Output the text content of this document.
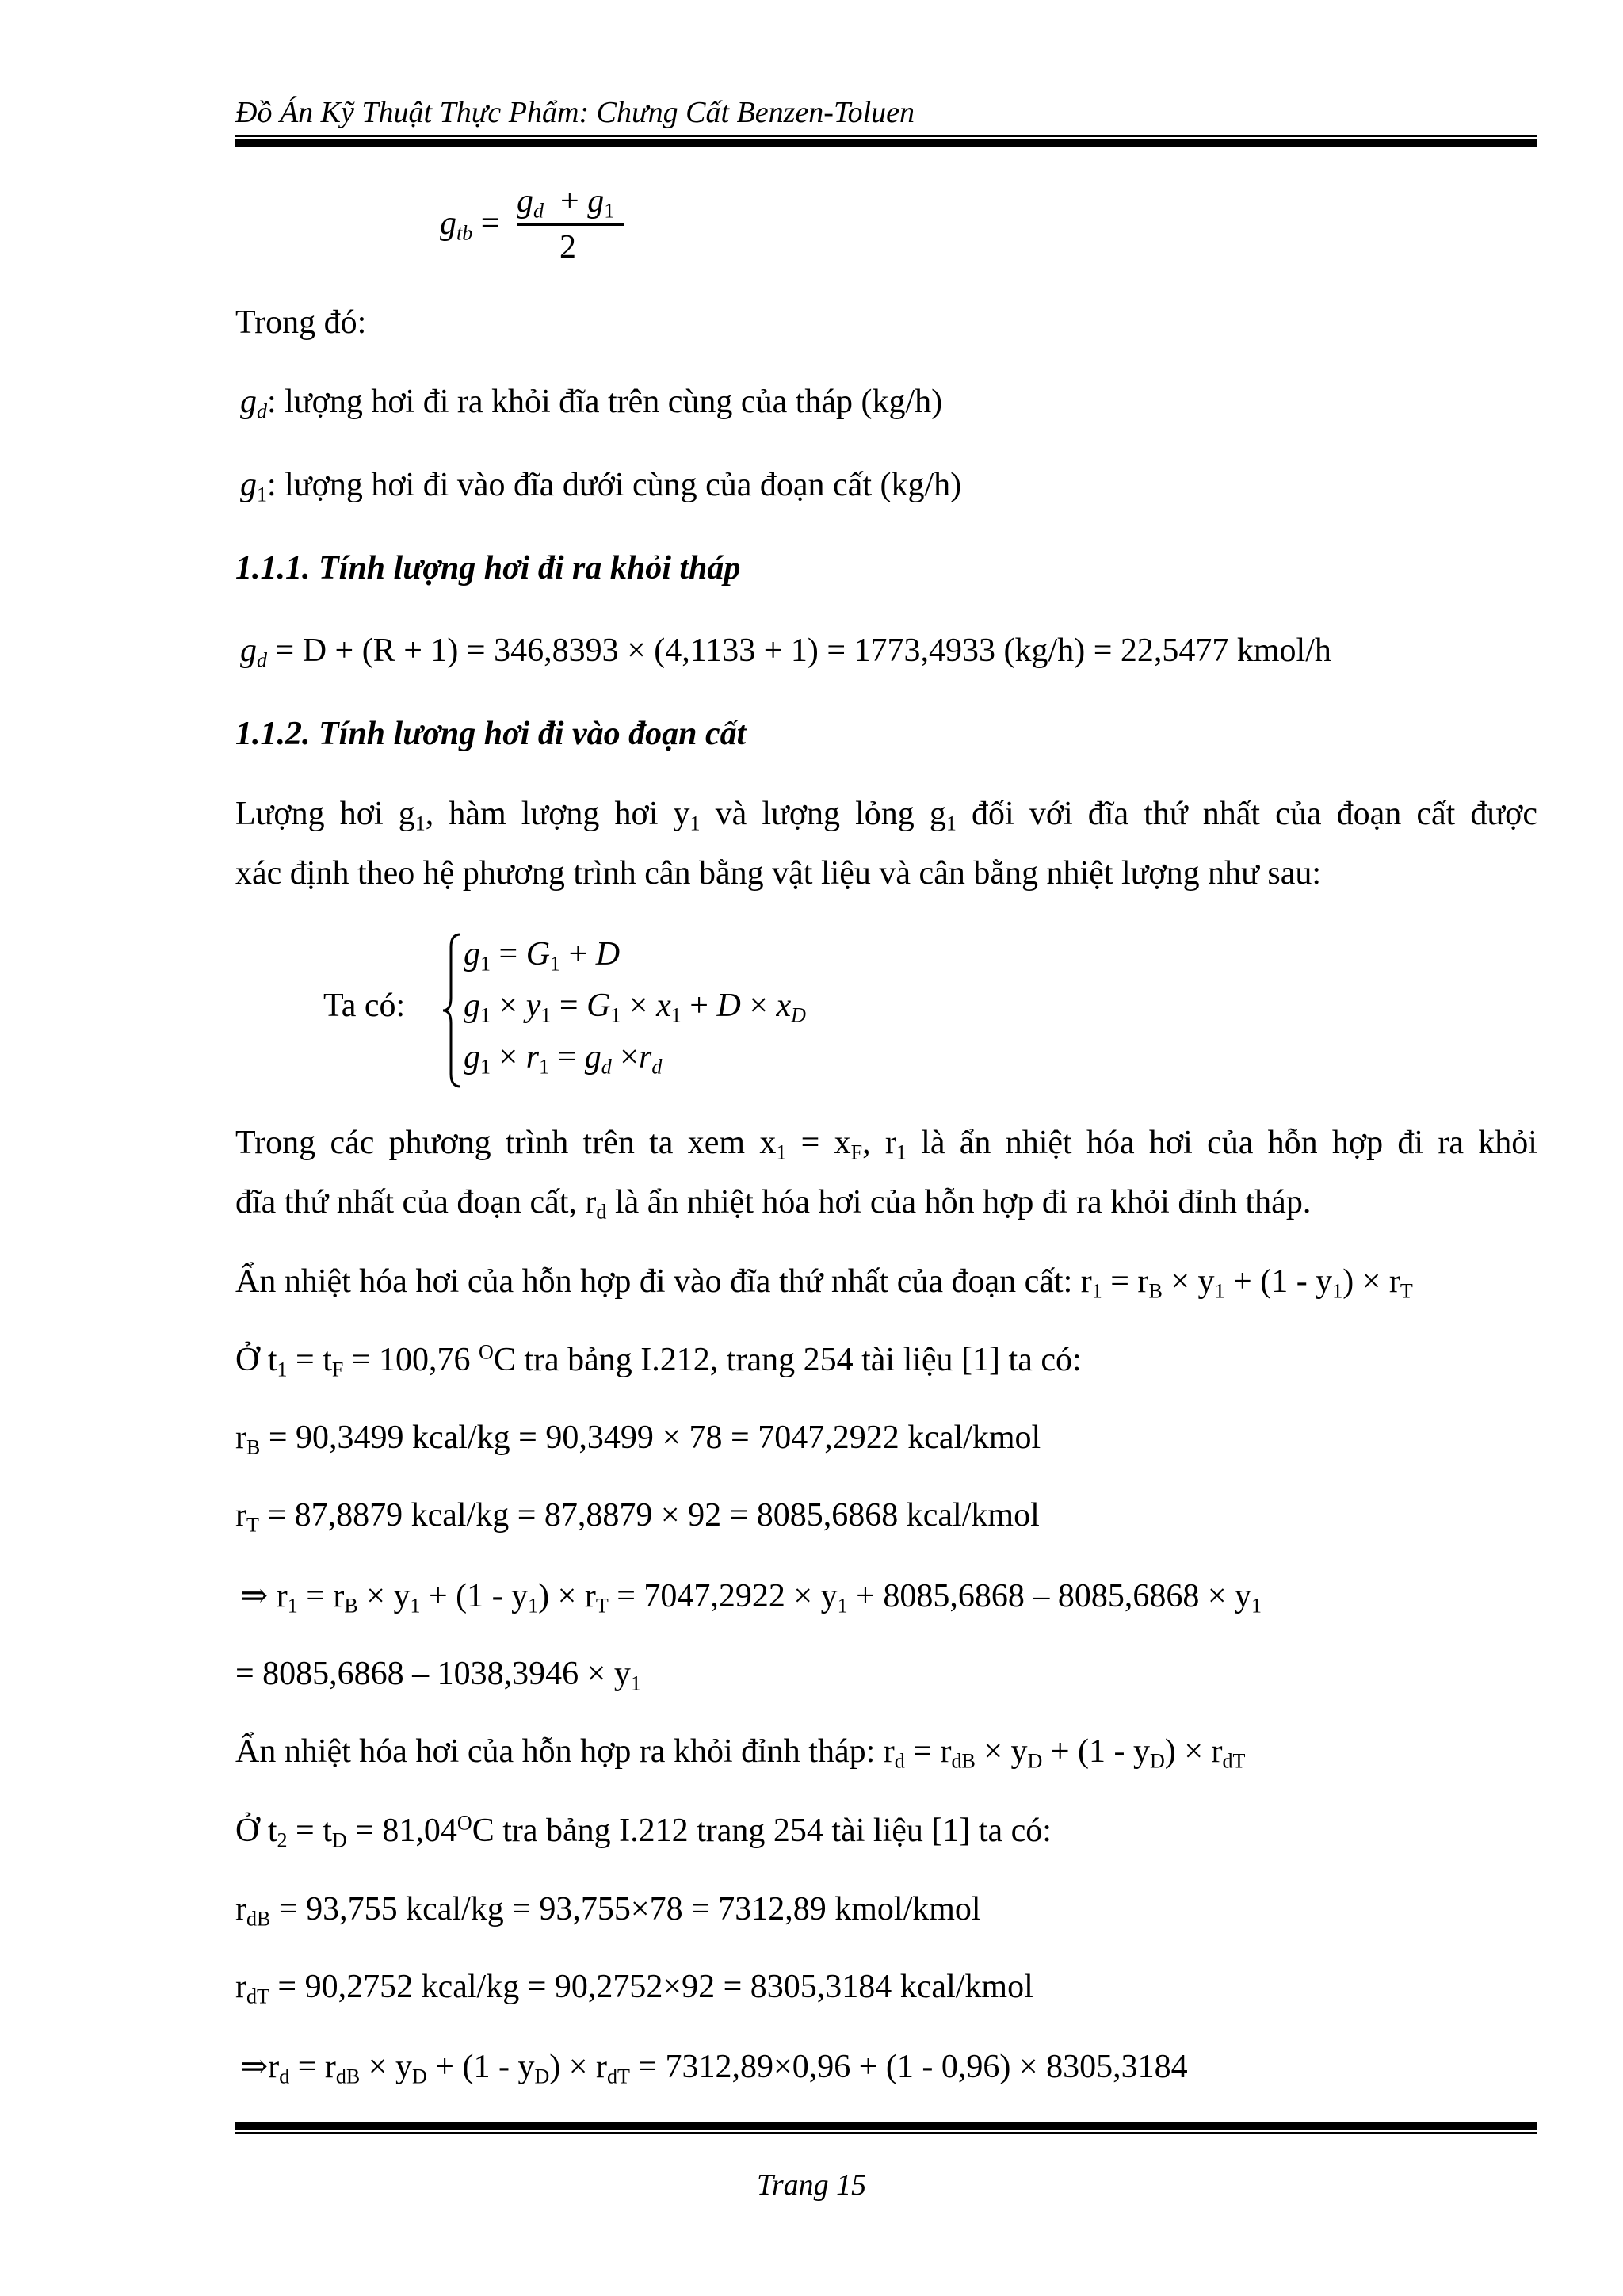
Đồ Án Kỹ Thuật Thực Phẩm: Chưng Cất Benzen-Toluen
$g_{tb}$ =
$g_d + g_1$
2
Trong đó:
$g_d$: lượng hơi đi ra khỏi đĩa trên cùng của tháp (kg/h)
$g_1$: lượng hơi đi vào đĩa dưới cùng của đoạn cất (kg/h)
1.1.1. Tính lượng hơi đi ra khỏi tháp
$g_d = D + (R + 1) = 346,8393 \times (4,1133 + 1) = 1773,4933$ (kg/h) = 22,5477 kmol/h
1.1.2. Tính lương hơi đi vào đoạn cất
Lượng hơi $g_1$, hàm lượng hơi $y_1$ và lượng lỏng $g_1$ đối với đĩa thứ nhất của đoạn cất được
xác định theo hệ phương trình cân bằng vật liệu và cân bằng nhiệt lượng như sau:
Ta có:
$g_1 = G_1 + D$
$g_1 \times y_1 = G_1 \times x_1 + D \times x_D$
$g_1 \times r_1 = g_d \times r_d$
Trong các phương trình trên ta xem $x_1 = x_F$, $r_1$ là ẩn nhiệt hóa hơi của hỗn hợp đi ra khỏi
đĩa thứ nhất của đoạn cất, $r_d$ là ẩn nhiệt hóa hơi của hỗn hợp đi ra khỏi đỉnh tháp.
Ẩn nhiệt hóa hơi của hỗn hợp đi vào đĩa thứ nhất của đoạn cất: $r_1 = r_B \times y_1 + (1 - y_1) \times r_T$
Ở $t_1 = t_F = 100,76$ $^O$C tra bảng I.212, trang 254 tài liệu [1] ta có:
$r_B = 90,3499$ kcal/kg = 90,3499 × 78 = 7047,2922 kcal/kmol
$r_T = 87,8879$ kcal/kg = 87,8879 × 92 = 8085,6868 kcal/kmol
⇒ $r_1 = r_B \times y_1 + (1 - y_1) \times r_T = 7047,2922 \times y_1 + 8085,6868 - 8085,6868 \times y_1$
= $8085,6868 - 1038,3946 \times y_1$
Ẩn nhiệt hóa hơi của hỗn hợp ra khỏi đỉnh tháp: $r_d = r_{dB} \times y_D + (1 - y_D) \times r_{dT}$
Ở $t_2 = t_D = 81,04^OC$ tra bảng I.212 trang 254 tài liệu [1] ta có:
$r_{dB} = 93,755$ kcal/kg = 93,755×78 = 7312,89 kmol/kmol
$r_{dT} = 90,2752$ kcal/kg = 90,2752×92 = 8305,3184 kcal/kmol
$\Rightarrow r_d = r_{dB} \times y_D + (1 - y_D) \times r_{dT} = 7312,89\times 0,96 + (1 - 0,96) \times 8305,3184$
Trang 15
